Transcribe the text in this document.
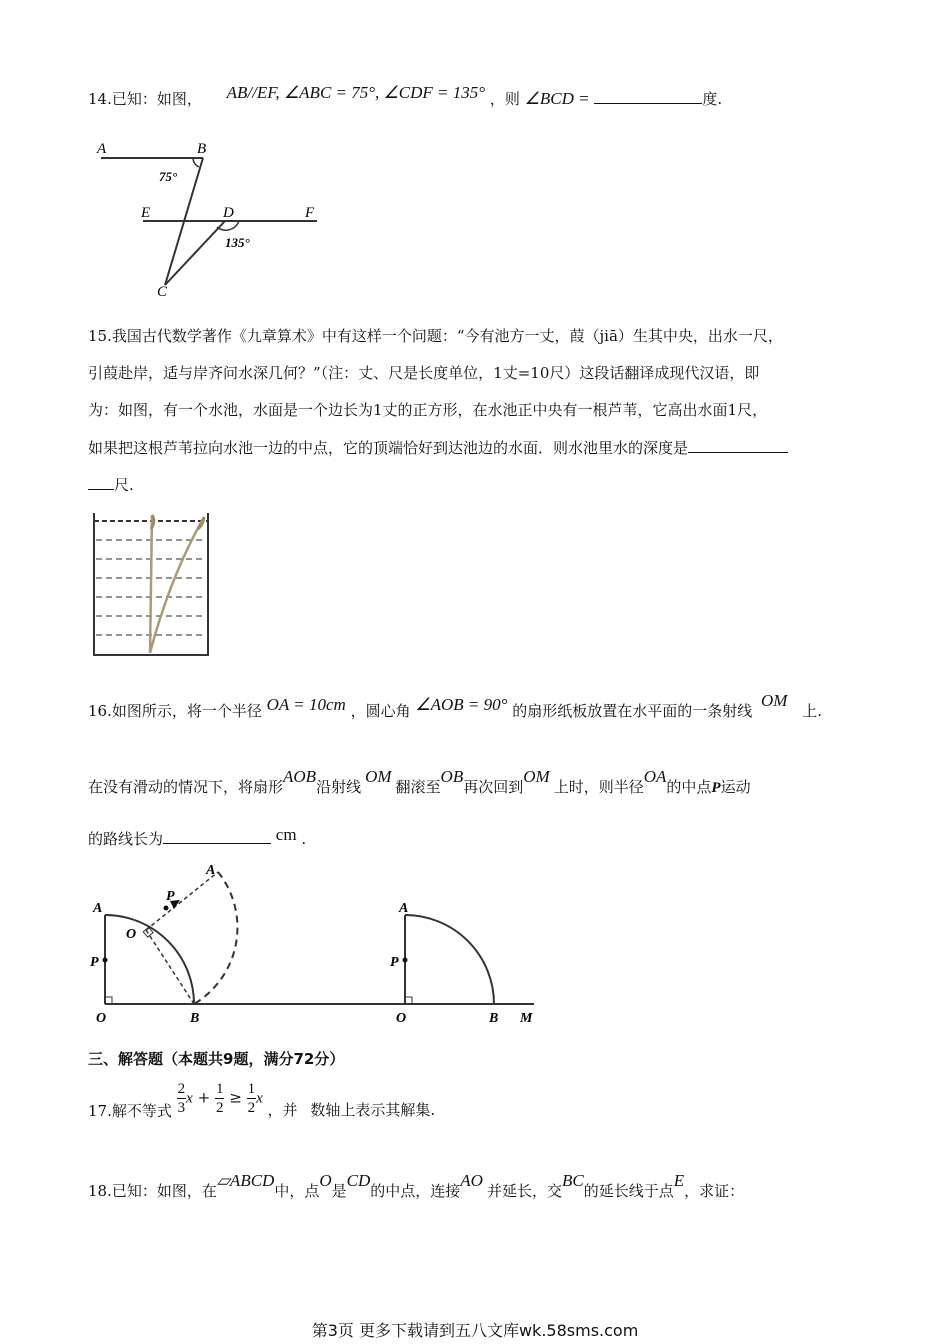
14.已知：如图， AB//EF, ∠ABC = 75°, ∠CDF = 135° ，则 ∠BCD =	度.
A	B
75°
E	D	F
135°
C
15.我国古代数学著作《九章算术》中有这样一个问题：“今有池方一丈，葭（jiā）生其中央，出水一尺，
引葭赴岸，适与岸齐问水深几何？”（注：丈、尺是长度单位，1丈=10尺）这段话翻译成现代汉语，即
为：如图，有一个水池，水面是一个边长为1丈的正方形，在水池正中央有一根芦苇，它高出水面1尺，
如果把这根芦苇拉向水池一边的中点，它的顶端恰好到达池边的水面．则水池里水的深度是
尺.
16.如图所示，将一个半径 OA = 10cm ，圆心角 ∠AOB = 90° 的扇形纸板放置在水平面的一条射线 OM 上.
在没有滑动的情况下，将扇形AOB沿射线OM翻滚至OB再次回到OM上时，则半径OA的中点P运动
的路线长为	cm .
A
P
O	B
O
P
A
A
P
O	B M
三、解答题（本题共9题，满分72分）
17.解不等式 $\frac{2}{3}$ $x + \frac{1}{2} \ge \frac{1}{2}$ x ，并 数轴上表示其解集.
18.已知：如图，在▱ABCD中，点O是CD的中点，连接AO并延长，交BC的延长线于点E，求证：
第3页 更多下载请到五八文库wk.58sms.com
